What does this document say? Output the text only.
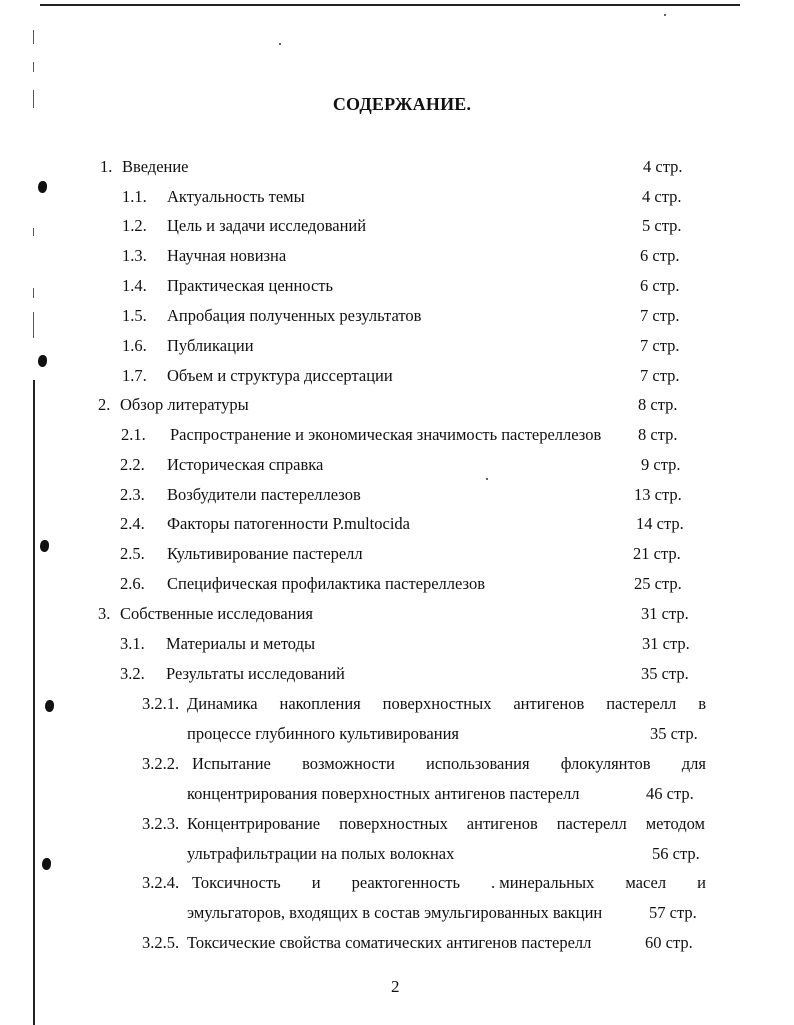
СОДЕРЖАНИЕ.
1. Введение	4 стр.
1.1. Актуальность темы	4 стр.
1.2. Цель и задачи исследований	5 стр.
1.3. Научная новизна	6 стр.
1.4. Практическая ценность	6 стр.
1.5. Апробация полученных результатов	7 стр.
1.6. Публикации	7 стр.
1.7. Объем и структура диссертации	7 стр.
2. Обзор литературы	8 стр.
2.1. Распространение и экономическая значимость пастереллезов 8 стр.
2.2. Историческая справка	9 стр.
2.3. Возбудители пастереллезов	13 стр.
2.4. Факторы патогенности P.multocida	14 стр.
2.5. Культивирование пастерелл	21 стр.
2.6. Специфическая профилактика пастереллезов	25 стр.
3. Собственные исследования	31 стр.
3.1. Материалы и методы	31 стр.
3.2. Результаты исследований	35 стр.
3.2.1. Динамика накопления поверхностных антигенов пастерелл в
процессе глубинного культивирования	35 стр.
3.2.2. Испытание возможности использования флокулянтов для
концентрирования поверхностных антигенов пастерелл	46 стр.
3.2.3. Концентрирование поверхностных антигенов пастерелл методом
ультрафильтрации на полых волокнах	56 стр.
3.2.4. Токсичность и реактогенность . минеральных масел и
эмульгаторов, входящих в состав эмульгированных вакцин	57 стр.
3.2.5. Токсические свойства соматических антигенов пастерелл	60 стр.
2
